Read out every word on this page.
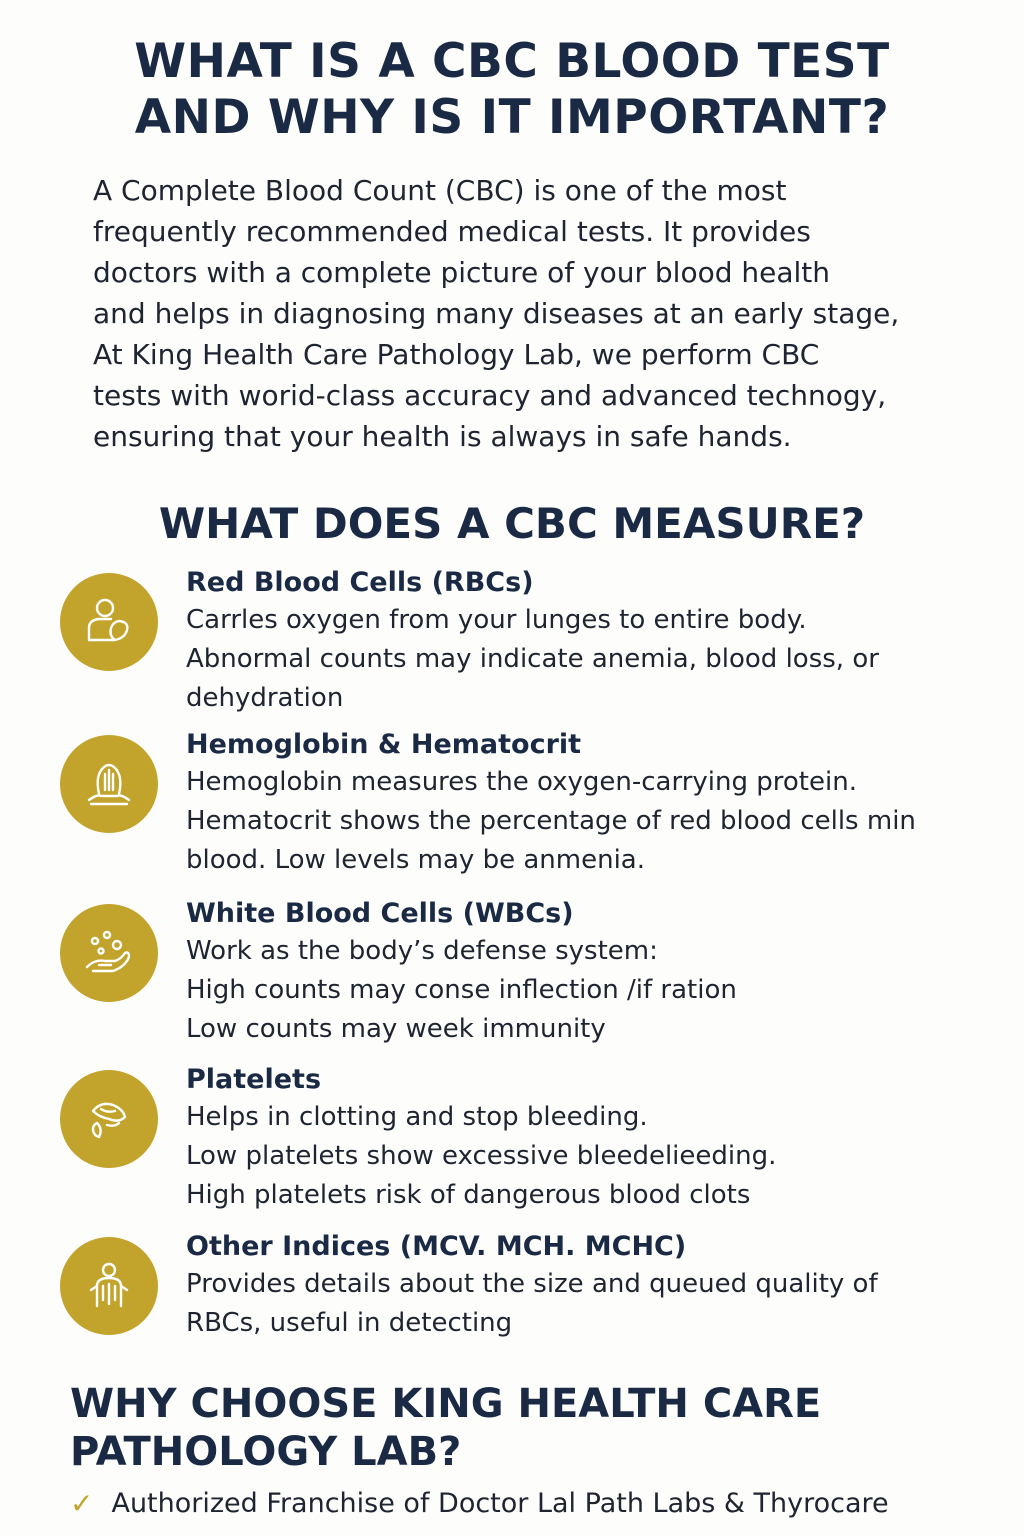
WHAT IS A CBC BLOOD TEST
AND WHY IS IT IMPORTANT?
A Complete Blood Count (CBC) is one of the most
frequently recommended medical tests. It provides
doctors with a complete picture of your blood health
and helps in diagnosing many diseases at an early stage,
At King Health Care Pathology Lab, we perform CBC
tests with worid-class accuracy and advanced technogy,
ensuring that your health is always in safe hands.
WHAT DOES A CBC MEASURE?
Red Blood Cells (RBCs)
Carrles oxygen from your lunges to entire body.
Abnormal counts may indicate anemia, blood loss, or
dehydration
Hemoglobin & Hematocrit
Hemoglobin measures the oxygen-carrying protein.
Hematocrit shows the percentage of red blood cells min
blood. Low levels may be anmenia.
White Blood Cells (WBCs)
Work as the body’s defense system:
High counts may conse inflection /if ration
Low counts may week immunity
Platelets
Helps in clotting and stop bleeding.
Low platelets show excessive bleedelieeding.
High platelets risk of dangerous blood clots
Other Indices (MCV. MCH. MCHC)
Provides details about the size and queued quality of
RBCs, useful in detecting
WHY CHOOSE KING HEALTH CARE
PATHOLOGY LAB?
✓ Authorized Franchise of Doctor Lal Path Labs & Thyrocare
